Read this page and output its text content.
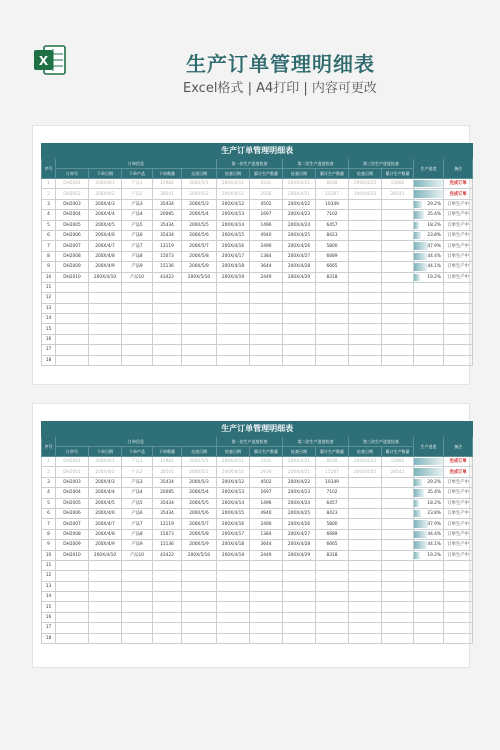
X	生产订单管理明细表
Excel格式 | A4打印 | 内容可更改
生产订单管理明细表													
序号	订单信息					第一次生产进度检查		第二次生产进度检查		第三次生产进度检查		生产进度	备注
	订单号	下单日期	下单产品	下单数量	交货日期	检查日期	累计生产数量	检查日期	累计生产数量	检查日期	累计生产数量		
1	DH2001	200X/4/1	产品1	15982	200X/5/1	200X/4/11	1932	200X/4/21	8938	200X/4/25	15982		完成订单
2	DH2002	200X/4/2	产品2	28541	200X/5/2	200X/4/11	2936	200X/4/21	15287	200X/4/25	28541		完成订单
3	DH2003	200X/4/3	产品3	35434	200X/5/3	200X/4/12	4502	200X/4/22	10349			29.2%	订单生产中
4	DH2004	200X/4/4	产品4	20085	200X/5/4	200X/4/13	1697	200X/4/23	7102			35.4%	订单生产中
5	DH2005	200X/4/5	产品5	35434	200X/5/5	200X/4/14	1496	200X/4/24	6457			18.2%	订单生产中
6	DH2006	200X/4/6	产品6	35434	200X/5/6	200X/4/15	4940	200X/4/25	8423			23.8%	订单生产中
7	DH2007	200X/4/7	产品7	12119	200X/5/7	200X/4/16	2490	200X/4/26	5800			47.9%	订单生产中
8	DH2008	200X/4/8	产品8	15073	200X/5/8	200X/4/17	1384	200X/4/27	6689			44.4%	订单生产中
9	DH2009	200X/4/9	产品9	15136	200X/5/9	200X/4/18	3644	200X/4/28	6665			44.1%	订单生产中
10	DH2010	200X/4/10	产品10	43422	200X/5/10	200X/4/19	2449	200X/4/29	8318			19.2%	订单生产中
11													
12													
13													
14													
15													
16													
17													
18													
生产订单管理明细表													
序号	订单信息					第一次生产进度检查		第二次生产进度检查		第三次生产进度检查		生产进度	备注
	订单号	下单日期	下单产品	下单数量	交货日期	检查日期	累计生产数量	检查日期	累计生产数量	检查日期	累计生产数量		
1	DH2001	200X/4/1	产品1	15982	200X/5/1	200X/4/11	1932	200X/4/21	8938	200X/4/25	15982		完成订单
2	DH2002	200X/4/2	产品2	28541	200X/5/2	200X/4/11	2936	200X/4/21	15287	200X/4/25	28541		完成订单
3	DH2003	200X/4/3	产品3	35434	200X/5/3	200X/4/12	4502	200X/4/22	10349			29.2%	订单生产中
4	DH2004	200X/4/4	产品4	20085	200X/5/4	200X/4/13	1697	200X/4/23	7102			35.4%	订单生产中
5	DH2005	200X/4/5	产品5	35434	200X/5/5	200X/4/14	1496	200X/4/24	6457			18.2%	订单生产中
6	DH2006	200X/4/6	产品6	35434	200X/5/6	200X/4/15	4940	200X/4/25	8423			23.8%	订单生产中
7	DH2007	200X/4/7	产品7	12119	200X/5/7	200X/4/16	2490	200X/4/26	5800			47.9%	订单生产中
8	DH2008	200X/4/8	产品8	15073	200X/5/8	200X/4/17	1384	200X/4/27	6689			44.4%	订单生产中
9	DH2009	200X/4/9	产品9	15136	200X/5/9	200X/4/18	3644	200X/4/28	6665			44.1%	订单生产中
10	DH2010	200X/4/10	产品10	43422	200X/5/10	200X/4/19	2449	200X/4/29	8318			19.2%	订单生产中
11													
12													
13													
14													
15													
16													
17													
18													
